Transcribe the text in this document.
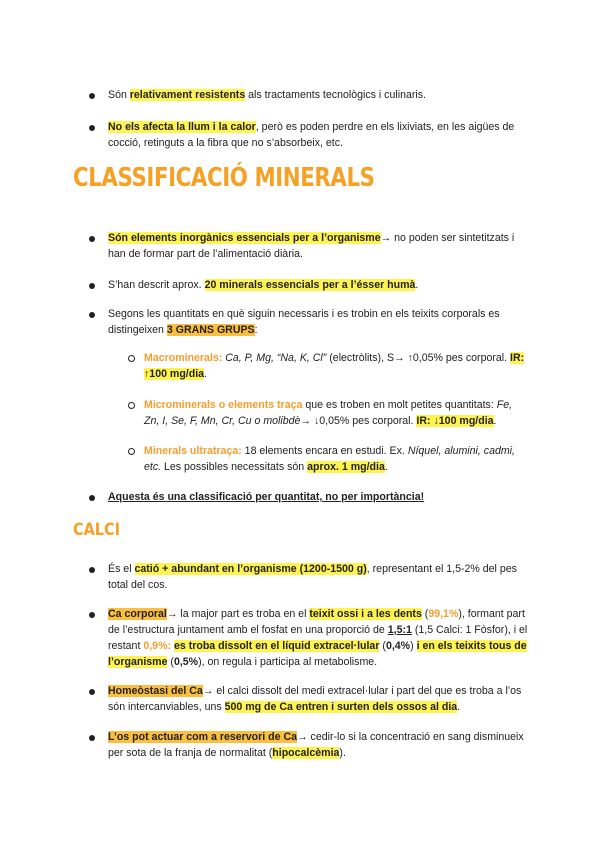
Són relativament resistents als tractaments tecnològics i culinaris.
No els afecta la llum i la calor, però es poden perdre en els lixiviats, en les aigües de cocció, retinguts a la fibra que no s’absorbeix, etc.
CLASSIFICACIÓ MINERALS
Són elements inorgànics essencials per a l’organisme→ no poden ser sintetitzats i han de formar part de l’alimentació diària.
S’han descrit aprox. 20 minerals essencials per a l’ésser humà.
Segons les quantitats en què siguin necessaris i es trobin en els teixits corporals es distingeixen 3 GRANS GRUPS:
Macrominerals: Ca, P, Mg, “Na, K, Cl” (electròlits), S→ ↑0,05% pes corporal. IR: ↑100 mg/dia.
Microminerals o elements traça que es troben en molt petites quantitats: Fe, Zn, I, Se, F, Mn, Cr, Cu o molibdè→ ↓0,05% pes corporal. IR: ↓100 mg/dia.
Minerals ultratraça: 18 elements encara en estudi. Ex. Níquel, alumini, cadmi, etc. Les possibles necessitats són aprox. 1 mg/dia.
Aquesta és una classificació per quantitat, no per importància!
CALCI
És el catió + abundant en l’organisme (1200-1500 g), representant el 1,5-2% del pes total del cos.
Ca corporal→ la major part es troba en el teixit ossi i a les dents (99,1%), formant part de l’estructura juntament amb el fosfat en una proporció de 1,5:1 (1,5 Calci: 1 Fòsfor), i el restant 0,9%: es troba dissolt en el líquid extracel·lular (0,4%) i en els teixits tous de l’organisme (0,5%), on regula i participa al metabolisme.
Homeòstasi del Ca→ el calci dissolt del medi extracel·lular i part del que es troba a l’os són intercanviables, uns 500 mg de Ca entren i surten dels ossos al dia.
L’os pot actuar com a reservori de Ca→ cedir-lo si la concentració en sang disminueix per sota de la franja de normalitat (hipocalcèmia).
